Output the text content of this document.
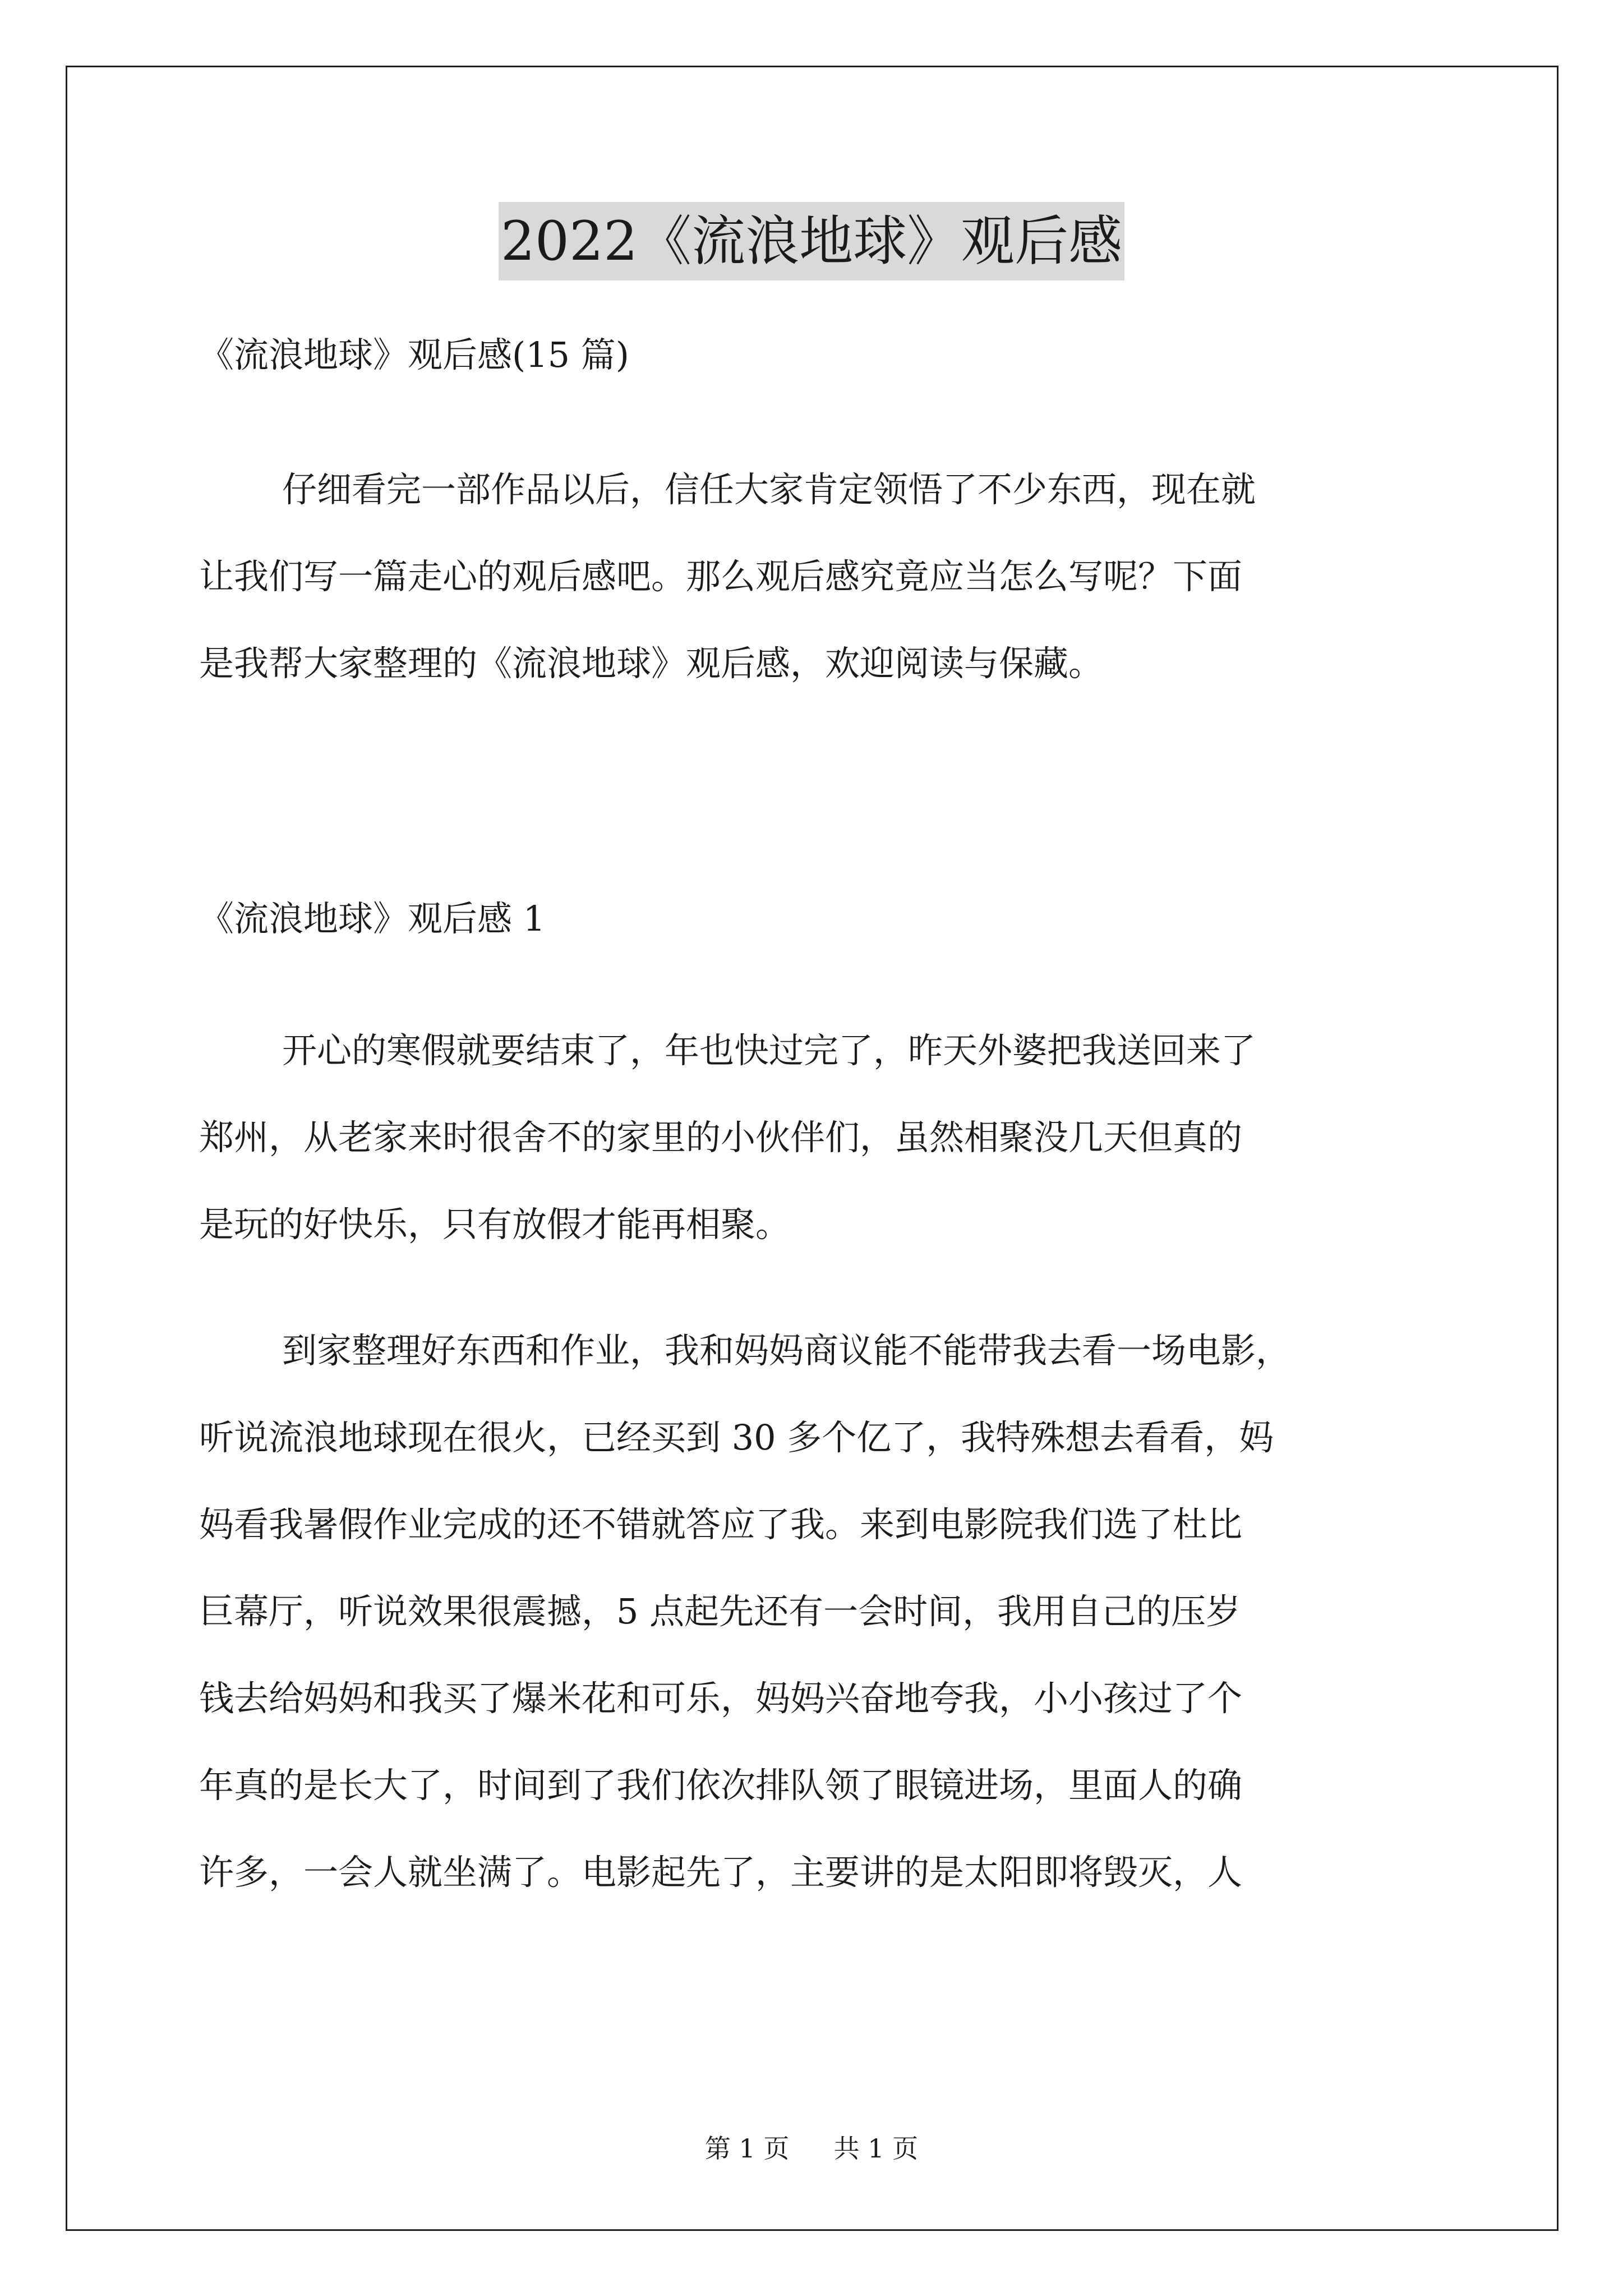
2022《流浪地球》观后感
《流浪地球》观后感(15 篇)
仔细看完一部作品以后，信任大家肯定领悟了不少东西，现在就
让我们写一篇走心的观后感吧。那么观后感究竟应当怎么写呢？下面
是我帮大家整理的《流浪地球》观后感，欢迎阅读与保藏。
《流浪地球》观后感 1
开心的寒假就要结束了，年也快过完了，昨天外婆把我送回来了
郑州，从老家来时很舍不的家里的小伙伴们，虽然相聚没几天但真的
是玩的好快乐，只有放假才能再相聚。
到家整理好东西和作业，我和妈妈商议能不能带我去看一场电影，
听说流浪地球现在很火，已经买到 30 多个亿了，我特殊想去看看，妈
妈看我暑假作业完成的还不错就答应了我。来到电影院我们选了杜比
巨幕厅，听说效果很震撼，5 点起先还有一会时间，我用自己的压岁
钱去给妈妈和我买了爆米花和可乐，妈妈兴奋地夸我，小小孩过了个
年真的是长大了，时间到了我们依次排队领了眼镜进场，里面人的确
许多，一会人就坐满了。电影起先了，主要讲的是太阳即将毁灭，人
第 1 页 共 1 页
